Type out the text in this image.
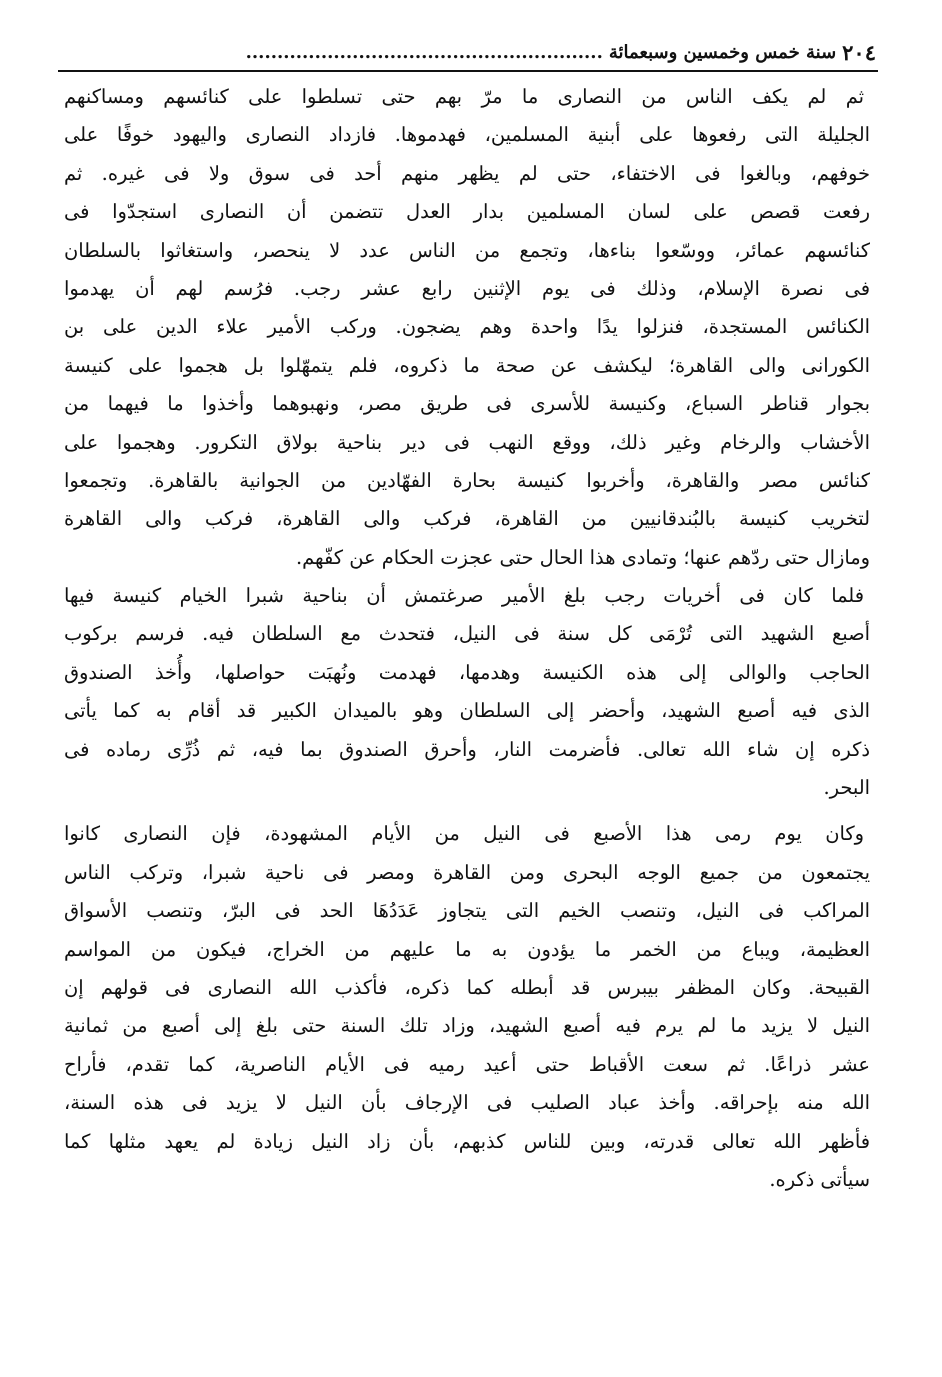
٢٠٤
سنة خمس وخمسين وسبعمائة
.........................................................
ثم لم يكف الناس من النصارى ما مرّ بهم حتى تسلطوا على كنائسهم ومساكنهم
الجليلة التى رفعوها على أبنية المسلمين، فهدموها. فازداد النصارى واليهود خوفًا على
خوفهم، وبالغوا فى الاختفاء، حتى لم يظهر منهم أحد فى سوق ولا فى غيره. ثم
رفعت قصص على لسان المسلمين بدار العدل تتضمن أن النصارى استجدّوا فى
كنائسهم عمائر، ووسّعوا بناءها، وتجمع من الناس عدد لا ينحصر، واستغاثوا بالسلطان
فى نصرة الإسلام، وذلك فى يوم الإثنين رابع عشر رجب. فرُسم لهم أن يهدموا
الكنائس المستجدة، فنزلوا يدًا واحدة وهم يضجون. وركب الأمير علاء الدين على بن
الكورانى والى القاهرة؛ ليكشف عن صحة ما ذكروه، فلم يتمهّلوا بل هجموا على كنيسة
بجوار قناطر السباع، وكنيسة للأسرى فى طريق مصر، ونهبوهما وأخذوا ما فيهما من
الأخشاب والرخام وغير ذلك، ووقع النهب فى دير بناحية بولاق التكرور. وهجموا على
كنائس مصر والقاهرة، وأخربوا كنيسة بحارة الفهّادين من الجوانية بالقاهرة. وتجمعوا
لتخريب كنيسة بالبُندقانيين من القاهرة، فركب والى القاهرة، فركب والى القاهرة
ومازال حتى ردّهم عنها؛ وتمادى هذا الحال حتى عجزت الحكام عن كفّهم.
فلما كان فى أخريات رجب بلغ الأمير صرغتمش أن بناحية شبرا الخيام كنيسة فيها
أصبع الشهيد التى تُرْمَى كل سنة فى النيل، فتحدث مع السلطان فيه. فرسم بركوب
الحاجب والوالى إلى هذه الكنيسة وهدمها، فهدمت ونُهبَت حواصلها، وأُخذ الصندوق
الذى فيه أصبع الشهيد، وأحضر إلى السلطان وهو بالميدان الكبير قد أقام به كما يأتى
ذكره إن شاء الله تعالى. فأضرمت النار، وأحرق الصندوق بما فيه، ثم ذُرِّى رماده فى
البحر.
وكان يوم رمى هذا الأصبع فى النيل من الأيام المشهودة، فإن النصارى كانوا
يجتمعون من جميع الوجه البحرى ومن القاهرة ومصر فى ناحية شبرا، وتركب الناس
المراكب فى النيل، وتنصب الخيم التى يتجاوز عَدَدُهَا الحد فى البرّ، وتنصب الأسواق
العظيمة، ويباع من الخمر ما يؤدون به ما عليهم من الخراج، فيكون من المواسم
القبيحة. وكان المظفر بيبرس قد أبطله كما ذكره، فأكذب الله النصارى فى قولهم إن
النيل لا يزيد ما لم يرم فيه أصبع الشهيد، وزاد تلك السنة حتى بلغ إلى أصبع من ثمانية
عشر ذراعًا. ثم سعت الأقباط حتى أعيد رميه فى الأيام الناصرية، كما تقدم، فأراح
الله منه بإحراقه. وأخذ عباد الصليب فى الإرجاف بأن النيل لا يزيد فى هذه السنة،
فأظهر الله تعالى قدرته، وبين للناس كذبهم، بأن زاد النيل زيادة لم يعهد مثلها كما
سيأتى ذكره.
